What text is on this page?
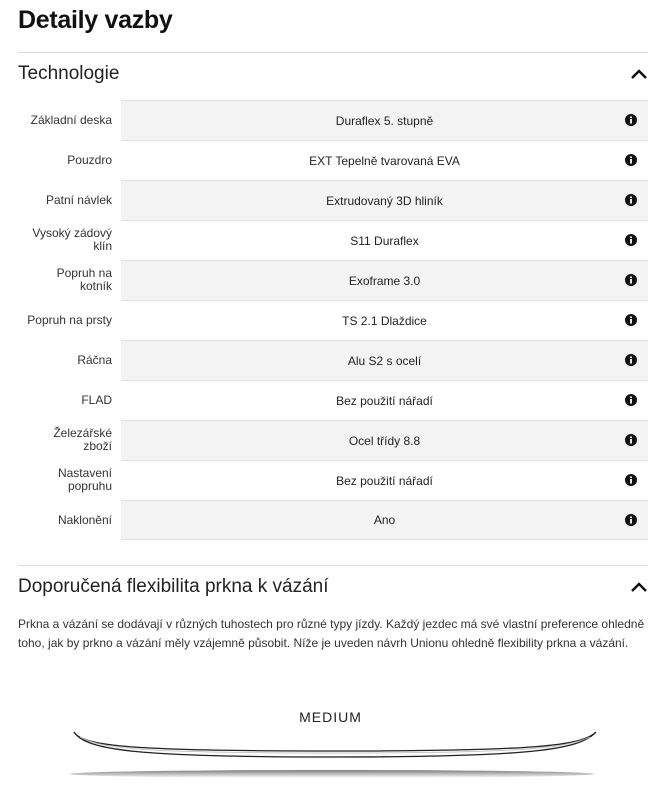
Detaily vazby
Technologie
Základní deska	Duraflex 5. stupně
Pouzdro	EXT Tepelně tvarovaná EVA
Patní návlek	Extrudovaný 3D hliník
Vysoký zádový klín	S11 Duraflex
Popruh na kotník	Exoframe 3.0
Popruh na prsty	TS 2.1 Dlaždice
Ráčna	Alu S2 s ocelí
FLAD	Bez použití nářadí
Železářské zboží	Ocel třídy 8.8
Nastavení popruhu	Bez použití nářadí
Naklonění	Ano
Doporučená flexibilita prkna k vázání

Prkna a vázání se dodávají v různých tuhostech pro různé typy jízdy. Každý jezdec má své vlastní preference ohledně toho, jak by prkno a vázání měly vzájemně působit. Níže je uveden návrh Unionu ohledně flexibility prkna a vázání.

MEDIUM
